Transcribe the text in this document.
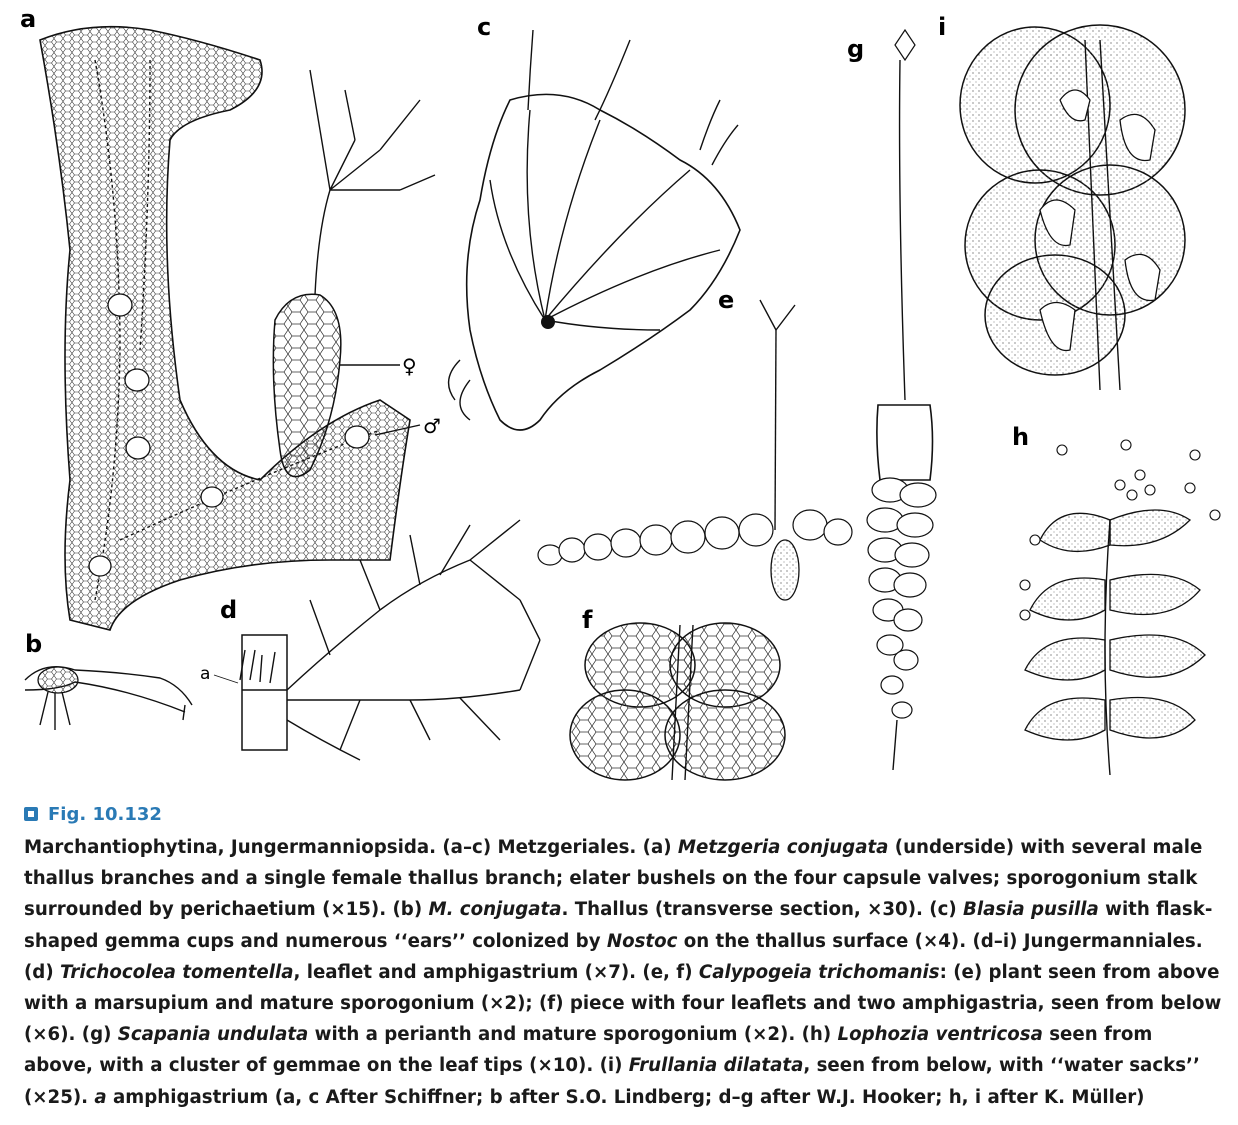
a
♀
♂
b
c
d
a
e
f
g
i
h
Fig. 10.132
Marchantiophytina, Jungermanniopsida. (a–c) Metzgeriales. (a) Metzgeria conjugata (underside) with several male thallus branches and a single female thallus branch; elater bushels on the four capsule valves; sporogonium stalk surrounded by perichaetium (×15). (b) M. conjugata. Thallus (transverse section, ×30). (c) Blasia pusilla with flask-shaped gemma cups and numerous ‘‘ears’’ colonized by Nostoc on the thallus surface (×4). (d–i) Jungermanniales. (d) Trichocolea tomentella, leaflet and amphigastrium (×7). (e, f) Calypogeia trichomanis: (e) plant seen from above with a marsupium and mature sporogonium (×2); (f) piece with four leaflets and two amphigastria, seen from below (×6). (g) Scapania undulata with a perianth and mature sporogonium (×2). (h) Lophozia ventricosa seen from above, with a cluster of gemmae on the leaf tips (×10). (i) Frullania dilatata, seen from below, with ‘‘water sacks’’ (×25). a amphigastrium (a, c After Schiffner; b after S.O. Lindberg; d–g after W.J. Hooker; h, i after K. Müller)
